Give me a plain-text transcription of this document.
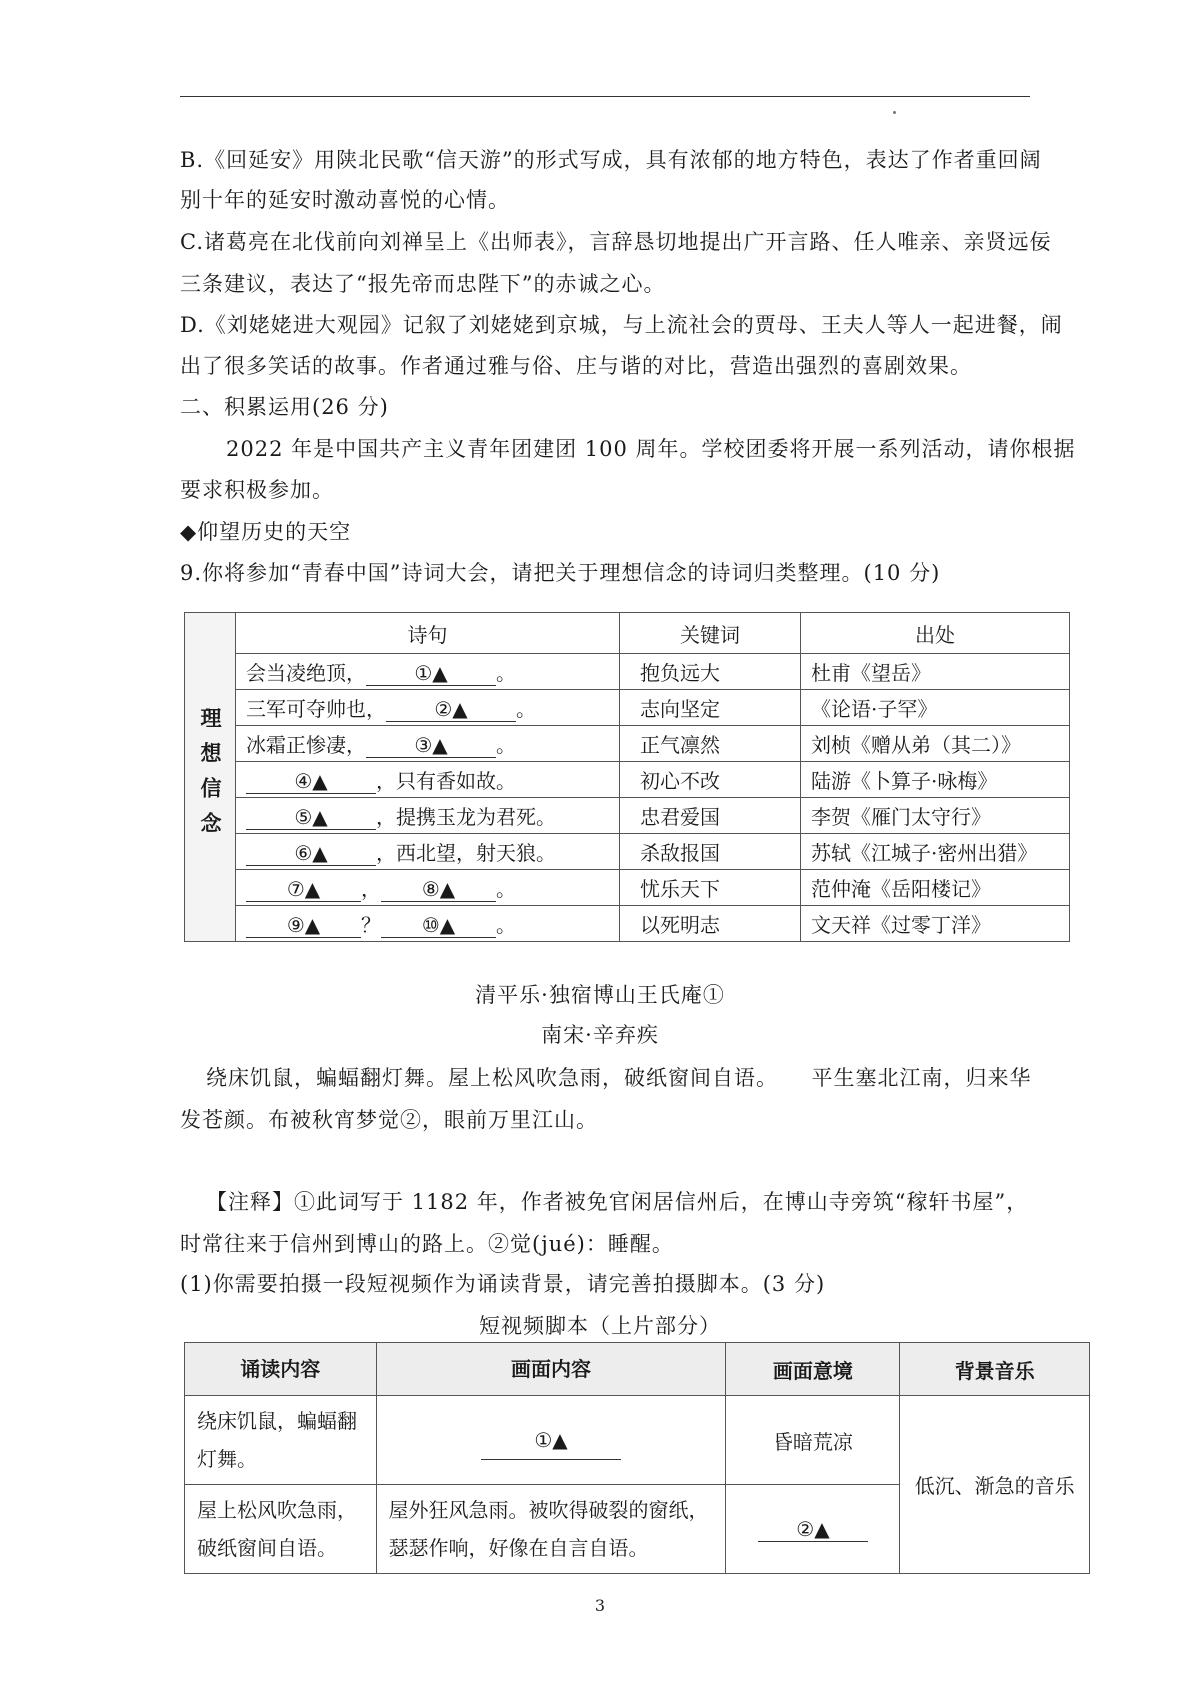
B.《回延安》用陕北民歌“信天游”的形式写成，具有浓郁的地方特色，表达了作者重回阔
别十年的延安时激动喜悦的心情。
C.诸葛亮在北伐前向刘禅呈上《出师表》，言辞恳切地提出广开言路、任人唯亲、亲贤远佞
三条建议，表达了“报先帝而忠陛下”的赤诚之心。
D.《刘姥姥进大观园》记叙了刘姥姥到京城，与上流社会的贾母、王夫人等人一起进餐，闹
出了很多笑话的故事。作者通过雅与俗、庄与谐的对比，营造出强烈的喜剧效果。
二、积累运用(26 分)
2022 年是中国共产主义青年团建团 100 周年。学校团委将开展一系列活动，请你根据
要求积极参加。
◆仰望历史的天空
9.你将参加“青春中国”诗词大会，请把关于理想信念的诗词归类整理。(10 分)
理想信念	诗句	关键词	出处
	会当凌绝顶， ①▲ 。	抱负远大	杜甫《望岳》
	三军可夺帅也， ②▲ 。	志向坚定	《论语·子罕》
	冰霜正惨凄， ③▲ 。	正气凛然	刘桢《赠从弟（其二）》
	④▲ ，只有香如故。	初心不改	陆游《卜算子·咏梅》
	⑤▲ ，提携玉龙为君死。	忠君爱国	李贺《雁门太守行》
	⑥▲ ，西北望，射天狼。	杀敌报国	苏轼《江城子·密州出猎》
	⑦▲ ， ⑧▲ 。	忧乐天下	范仲淹《岳阳楼记》
	⑨▲ ？ ⑩▲ 。	以死明志	文天祥《过零丁洋》
清平乐·独宿博山王氏庵①
南宋·辛弃疾
绕床饥鼠，蝙蝠翻灯舞。屋上松风吹急雨，破纸窗间自语。　　平生塞北江南，归来华
发苍颜。布被秋宵梦觉②，眼前万里江山。
【注释】①此词写于 1182 年，作者被免官闲居信州后，在博山寺旁筑“稼轩书屋”，
时常往来于信州到博山的路上。②觉(jué)：睡醒。
(1)你需要拍摄一段短视频作为诵读背景，请完善拍摄脚本。(3 分)
短视频脚本（上片部分）
诵读内容	画面内容	画面意境	背景音乐
绕床饥鼠，蝙蝠翻灯舞。	①▲	昏暗荒凉	低沉、渐急的音乐
屋上松风吹急雨，破纸窗间自语。	屋外狂风急雨。被吹得破裂的窗纸，瑟瑟作响，好像在自言自语。	②▲	
3
